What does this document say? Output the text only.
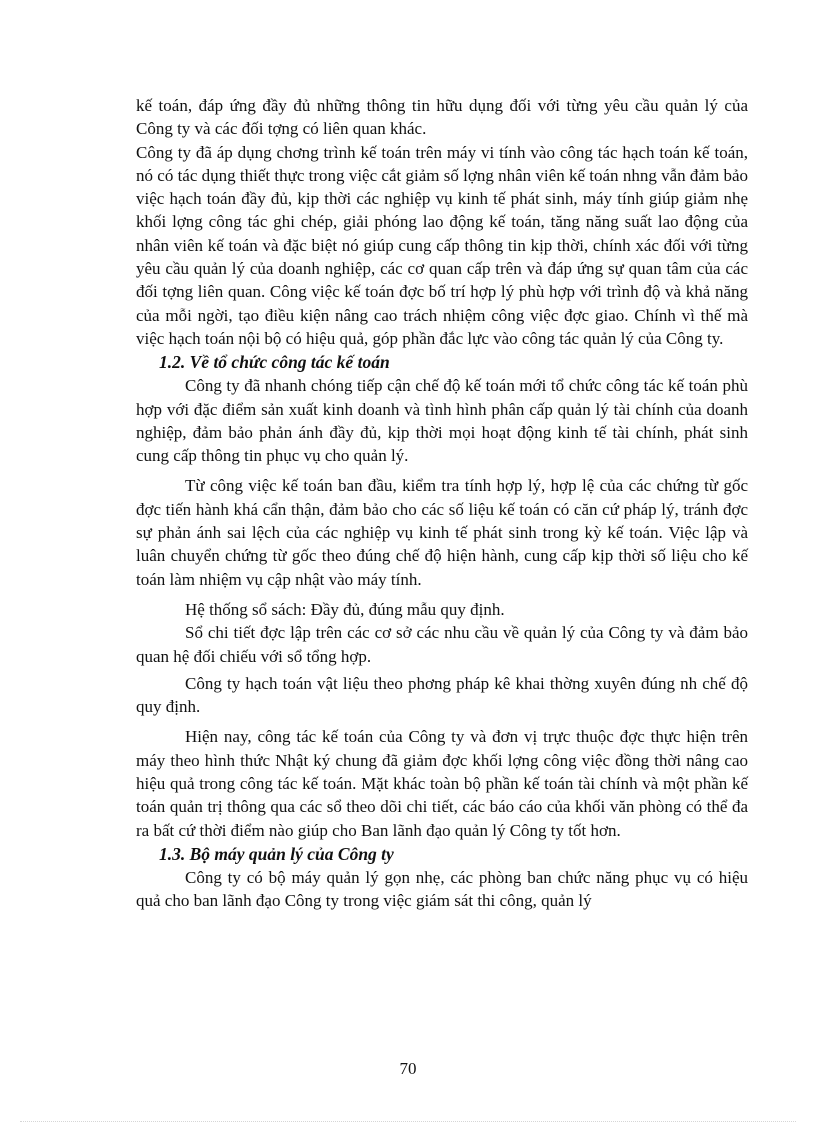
kế toán, đáp ứng đầy đủ những thông tin hữu dụng đối với từng yêu cầu quản lý của Công ty và các đối tợng có liên quan khác.

Công ty đã áp dụng chơng trình kế toán trên máy vi tính vào công tác hạch toán kế toán, nó có tác dụng thiết thực trong việc cắt giảm số lợng nhân viên kế toán nhng vẫn đảm bảo việc hạch toán đầy đủ, kịp thời các nghiệp vụ kinh tế phát sinh, máy tính giúp giảm nhẹ khối lợng công tác ghi chép, giải phóng lao động kế toán, tăng năng suất lao động của nhân viên kế toán và đặc biệt nó giúp cung cấp thông tin kịp thời, chính xác đối với từng yêu cầu quản lý của doanh nghiệp, các cơ quan cấp trên và đáp ứng sự quan tâm của các đối tợng liên quan. Công việc kế toán đợc bố trí hợp lý phù hợp với trình độ và khả năng của mỗi ngời, tạo điều kiện nâng cao trách nhiệm công việc đợc giao. Chính vì thế mà việc hạch toán nội bộ có hiệu quả, góp phần đắc lực vào công tác quản lý của Công ty.

1.2. Về tổ chức công tác kế toán

Công ty đã nhanh chóng tiếp cận chế độ kế toán mới tổ chức công tác kế toán phù hợp với đặc điểm sản xuất kinh doanh và tình hình phân cấp quản lý tài chính của doanh nghiệp, đảm bảo phản ánh đầy đủ, kịp thời mọi hoạt động kinh tế tài chính, phát sinh cung cấp thông tin phục vụ cho quản lý.

Từ công việc kế toán ban đầu, kiểm tra tính hợp lý, hợp lệ của các chứng từ gốc đợc tiến hành khá cẩn thận, đảm bảo cho các số liệu kế toán có căn cứ pháp lý, tránh đợc sự phản ánh sai lệch của các nghiệp vụ kinh tế phát sinh trong kỳ kế toán. Việc lập và luân chuyển chứng từ gốc theo đúng chế độ hiện hành, cung cấp kịp thời số liệu cho kế toán làm nhiệm vụ cập nhật vào máy tính.

Hệ thống sổ sách: Đầy đủ, đúng mẫu quy định.

Sổ chi tiết đợc lập trên các cơ sở các nhu cầu về quản lý của Công ty và đảm bảo quan hệ đối chiếu với sổ tổng hợp.

Công ty hạch toán vật liệu theo phơng pháp kê khai thờng xuyên đúng nh chế độ quy định.

Hiện nay, công tác kế toán của Công ty và đơn vị trực thuộc đợc thực hiện trên máy theo hình thức Nhật ký chung đã giảm đợc khối lợng công việc đồng thời nâng cao hiệu quả trong công tác kế toán. Mặt khác toàn bộ phần kế toán tài chính và một phần kế toán quản trị thông qua các sổ theo dõi chi tiết, các báo cáo của khối văn phòng có thể đa ra bất cứ thời điểm nào giúp cho Ban lãnh đạo quản lý Công ty tốt hơn.

1.3. Bộ máy quản lý của Công ty

Công ty có bộ máy quản lý gọn nhẹ, các phòng ban chức năng phục vụ có hiệu quả cho ban lãnh đạo Công ty trong việc giám sát thi công, quản lý

70
